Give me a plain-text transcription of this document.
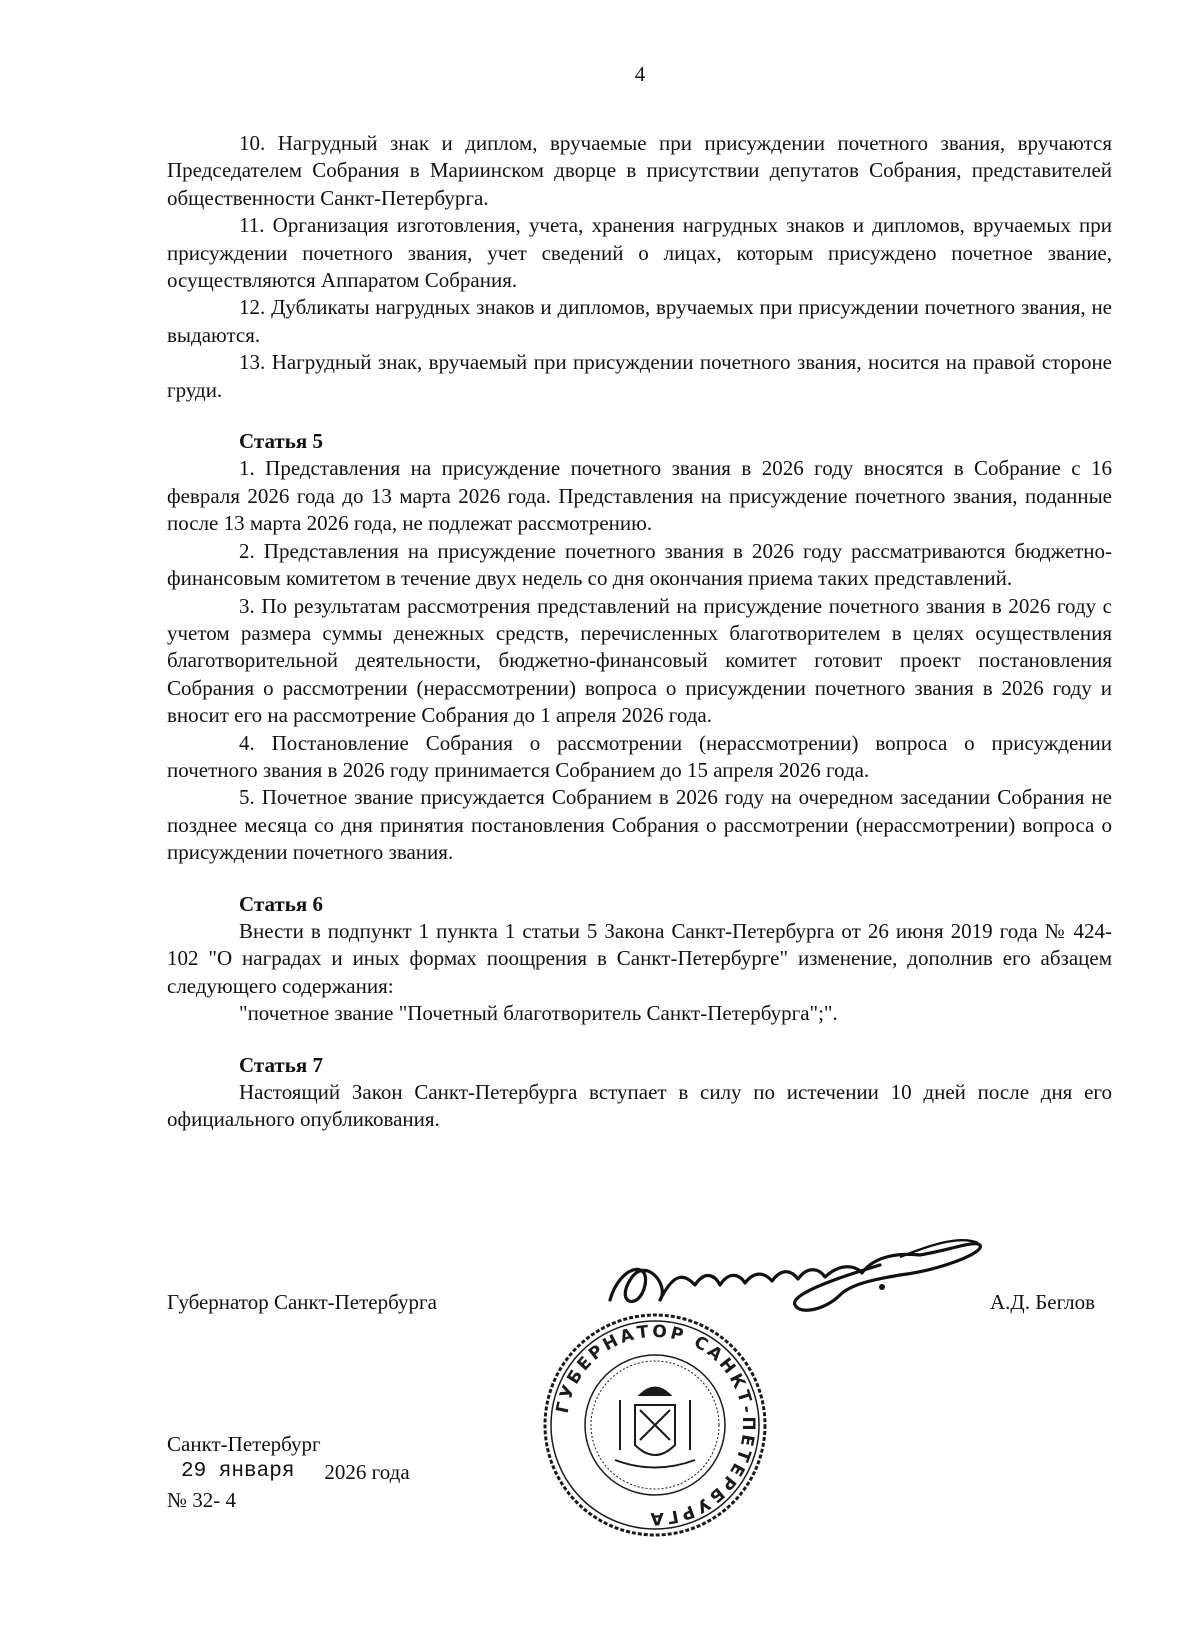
4

10. Нагрудный знак и диплом, вручаемые при присуждении почетного звания, вручаются Председателем Собрания в Мариинском дворце в присутствии депутатов Собрания, представителей общественности Санкт-Петербурга.

11. Организация изготовления, учета, хранения нагрудных знаков и дипломов, вручаемых при присуждении почетного звания, учет сведений о лицах, которым присуждено почетное звание, осуществляются Аппаратом Собрания.

12. Дубликаты нагрудных знаков и дипломов, вручаемых при присуждении почетного звания, не выдаются.

13. Нагрудный знак, вручаемый при присуждении почетного звания, носится на правой стороне груди.

Статья 5

1. Представления на присуждение почетного звания в 2026 году вносятся в Собрание с 16 февраля 2026 года до 13 марта 2026 года. Представления на присуждение почетного звания, поданные после 13 марта 2026 года, не подлежат рассмотрению.

2. Представления на присуждение почетного звания в 2026 году рассматриваются бюджетно-финансовым комитетом в течение двух недель со дня окончания приема таких представлений.

3. По результатам рассмотрения представлений на присуждение почетного звания в 2026 году с учетом размера суммы денежных средств, перечисленных благотворителем в целях осуществления благотворительной деятельности, бюджетно-финансовый комитет готовит проект постановления Собрания о рассмотрении (нерассмотрении) вопроса о присуждении почетного звания в 2026 году и вносит его на рассмотрение Собрания до 1 апреля 2026 года.

4. Постановление Собрания о рассмотрении (нерассмотрении) вопроса о присуждении почетного звания в 2026 году принимается Собранием до 15 апреля 2026 года.

5. Почетное звание присуждается Собранием в 2026 году на очередном заседании Собрания не позднее месяца со дня принятия постановления Собрания о рассмотрении (нерассмотрении) вопроса о присуждении почетного звания.

Статья 6

Внести в подпункт 1 пункта 1 статьи 5 Закона Санкт-Петербурга от 26 июня 2019 года № 424-102 "О наградах и иных формах поощрения в Санкт-Петербурге" изменение, дополнив его абзацем следующего содержания:

"почетное звание "Почетный благотворитель Санкт-Петербурга";".

Статья 7

Настоящий Закон Санкт-Петербурга вступает в силу по истечении 10 дней после дня его официального опубликования.

Губернатор Санкт-Петербурга	А.Д. Беглов
ГУБЕРНАТОР САНКТ-ПЕТЕРБУРГА
Санкт-Петербург
29 января 2026 года
№ 32- 4
